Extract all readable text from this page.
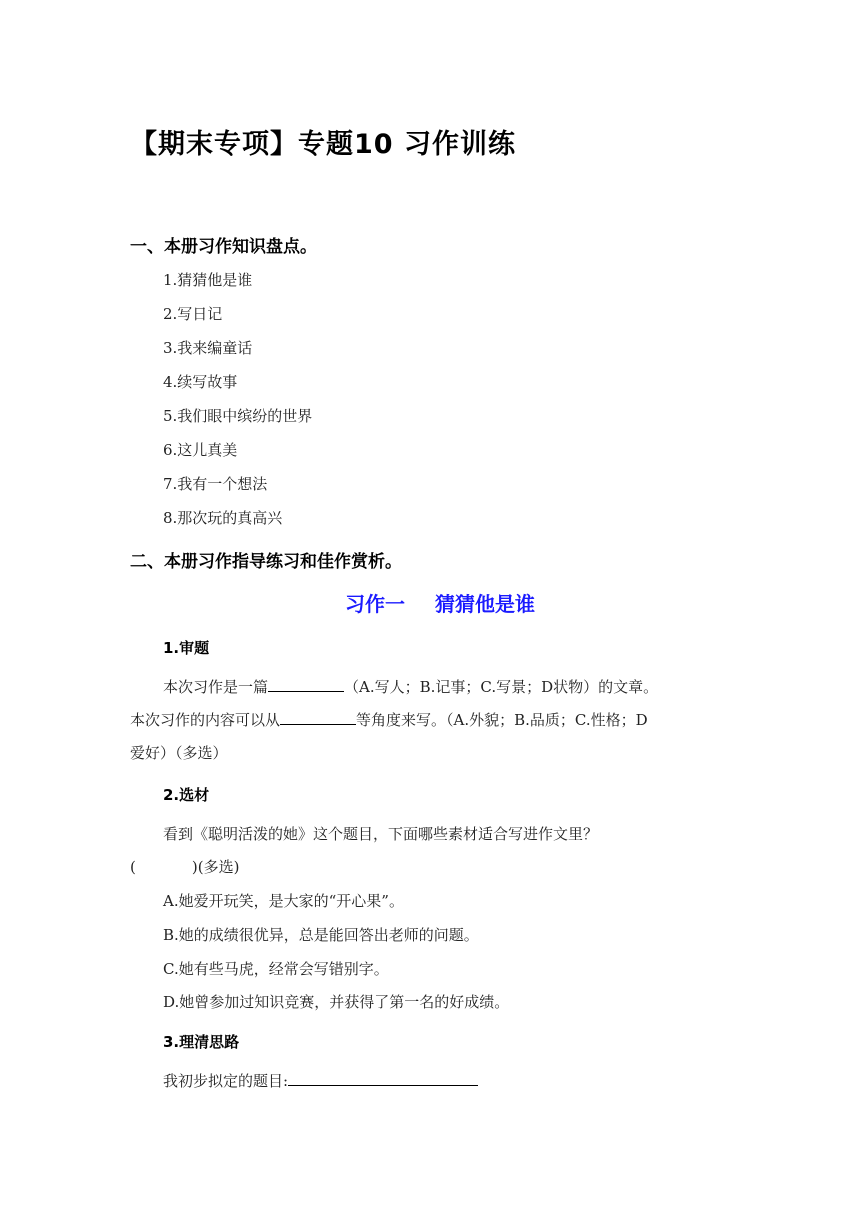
【期末专项】专题10 习作训练
一、本册习作知识盘点。
1.猜猜他是谁
2.写日记
3.我来编童话
4.续写故事
5.我们眼中缤纷的世界
6.这儿真美
7.我有一个想法
8.那次玩的真高兴
二、本册习作指导练习和佳作赏析。
习作一 猜猜他是谁
1.审题
本次习作是一篇	（A.写人；B.记事；C.写景；D状物）的文章。
本次习作的内容可以从	等角度来写。（A.外貌；B.品质；C.性格；D
爱好）（多选）
2.选材
看到《聪明活泼的她》这个题目，下面哪些素材适合写进作文里？
(	)(多选)
A.她爱开玩笑，是大家的“开心果”。
B.她的成绩很优异，总是能回答出老师的问题。
C.她有些马虎，经常会写错别字。
D.她曾参加过知识竞赛，并获得了第一名的好成绩。
3.理清思路
我初步拟定的题目:
